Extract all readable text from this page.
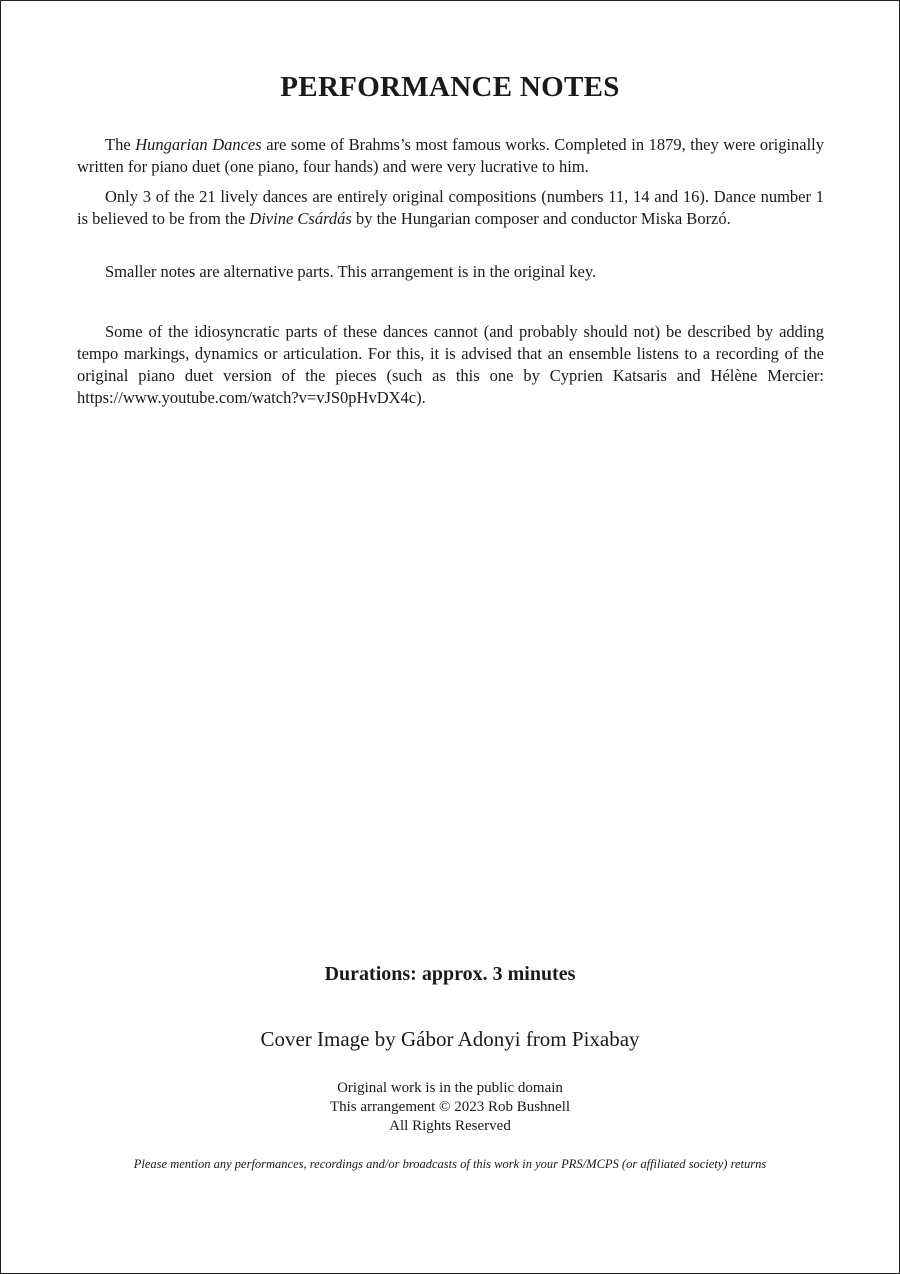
PERFORMANCE NOTES

The Hungarian Dances are some of Brahms’s most famous works. Completed in 1879, they were originally written for piano duet (one piano, four hands) and were very lucrative to him.

Only 3 of the 21 lively dances are entirely original compositions (numbers 11, 14 and 16). Dance number 1 is believed to be from the Divine Csárdás by the Hungarian composer and conductor Miska Borzó.

Smaller notes are alternative parts. This arrangement is in the original key.

Some of the idiosyncratic parts of these dances cannot (and probably should not) be described by adding tempo markings, dynamics or articulation. For this, it is advised that an ensemble listens to a recording of the original piano duet version of the pieces (such as this one by Cyprien Katsaris and Hélène Mercier: https://www.youtube.com/watch?v=vJS0pHvDX4c).

Durations: approx. 3 minutes
Cover Image by Gábor Adonyi from Pixabay
Original work is in the public domain
This arrangement © 2023 Rob Bushnell
All Rights Reserved
Please mention any performances, recordings and/or broadcasts of this work in your PRS/MCPS (or affiliated society) returns
